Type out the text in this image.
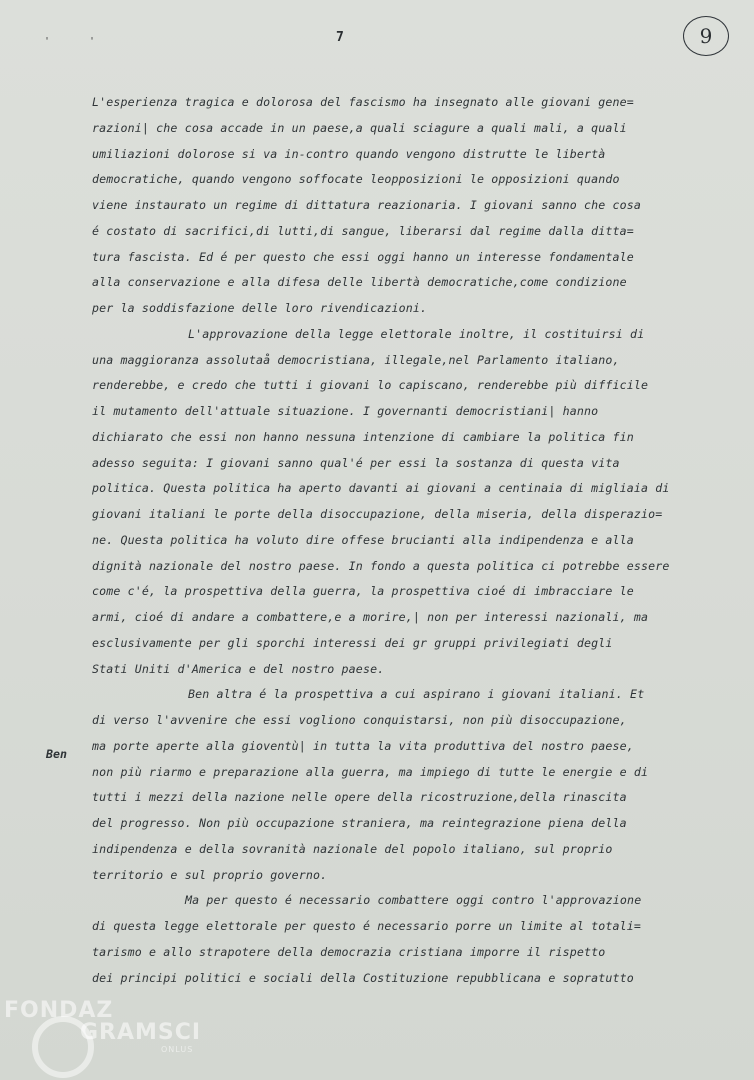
'	'	7	9
Ben
L'esperienza tragica e dolorosa del fascismo ha insegnato alle giovani gene=
razioni| che cosa accade in un paese,a quali sciagure a quali mali, a quali
umiliazioni dolorose si va in-contro quando vengono distrutte le libertà
democratiche, quando vengono soffocate leopposizioni le opposizioni quando
viene instaurato un regime di dittatura reazionaria. I giovani sanno che cosa
é costato di sacrifici,di lutti,di sangue, liberarsi dal regime dalla ditta=
tura fascista. Ed é per questo che essi oggi hanno un interesse fondamentale
alla conservazione e alla difesa delle libertà democratiche,come condizione
per la soddisfazione delle loro rivendicazioni.
L'approvazione della legge elettorale inoltre, il costituirsi di
una maggioranza assolutaå democristiana, illegale,nel Parlamento italiano,
renderebbe, e credo che tutti i giovani lo capiscano, renderebbe più difficile
il mutamento dell'attuale situazione. I governanti democristiani| hanno
dichiarato che essi non hanno nessuna intenzione di cambiare la politica fin
adesso seguita: I giovani sanno qual'é per essi la sostanza di questa vita
politica. Questa politica ha aperto davanti ai giovani a centinaia di migliaia di
giovani italiani le porte della disoccupazione, della miseria, della disperazio=
ne. Questa politica ha voluto dire offese brucianti alla indipendenza e alla
dignità nazionale del nostro paese. In fondo a questa politica ci potrebbe essere
come c'é, la prospettiva della guerra, la prospettiva cioé di imbracciare le
armi, cioé di andare a combattere,e a morire,| non per interessi nazionali, ma
esclusivamente per gli sporchi interessi dei gr gruppi privilegiati degli
Stati Uniti d'America e del nostro paese.
Ben altra é la prospettiva a cui aspirano i giovani italiani. Et
di verso l'avvenire che essi vogliono conquistarsi, non più disoccupazione,
ma porte aperte alla gioventù| in tutta la vita produttiva del nostro paese,
non più riarmo e preparazione alla guerra, ma impiego di tutte le energie e di
tutti i mezzi della nazione nelle opere della ricostruzione,della rinascita
del progresso. Non più occupazione straniera, ma reintegrazione piena della
indipendenza e della sovranità nazionale del popolo italiano, sul proprio
territorio e sul proprio governo.
Ma per questo é necessario combattere oggi contro l'approvazione
di questa legge elettorale per questo é necessario porre un limite al totali=
tarismo e allo strapotere della democrazia cristiana imporre il rispetto
dei principi politici e sociali della Costituzione repubblicana e sopratutto
FONDAZ
GRAMSCI
ONLUS
